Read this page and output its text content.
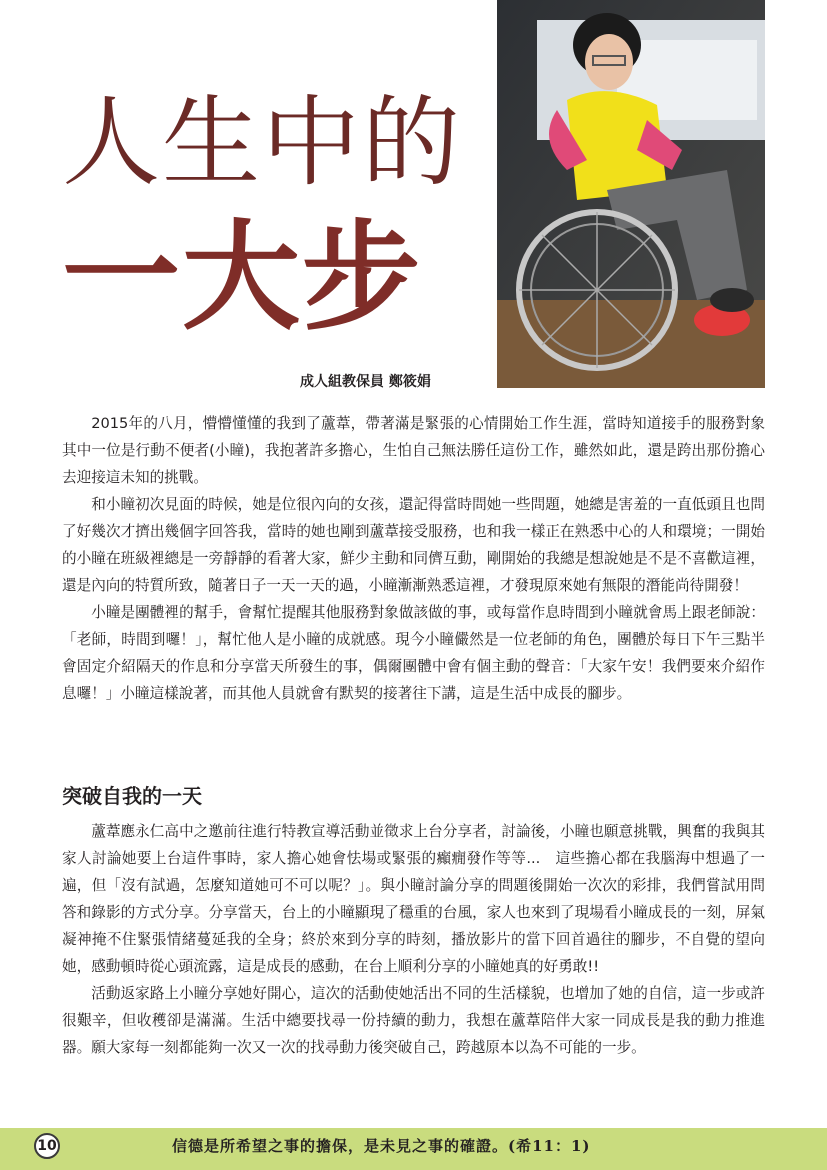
人生中的
一大步
成人組教保員 鄭筱娟

2015年的八月，懵懵懂懂的我到了蘆葦，帶著滿是緊張的心情開始工作生涯，當時知道接手的服務對象其中一位是行動不便者(小瞳)，我抱著許多擔心，生怕自己無法勝任這份工作，雖然如此，還是跨出那份擔心去迎接這未知的挑戰。

和小瞳初次見面的時候，她是位很內向的女孩，還記得當時問她一些問題，她總是害羞的一直低頭且也問了好幾次才擠出幾個字回答我，當時的她也剛到蘆葦接受服務，也和我一樣正在熟悉中心的人和環境；一開始的小瞳在班級裡總是一旁靜靜的看著大家，鮮少主動和同儕互動，剛開始的我總是想說她是不是不喜歡這裡，還是內向的特質所致，隨著日子一天一天的過，小瞳漸漸熟悉這裡，才發現原來她有無限的潛能尚待開發！

小瞳是團體裡的幫手，會幫忙提醒其他服務對象做該做的事，或每當作息時間到小瞳就會馬上跟老師說：「老師，時間到囉！」，幫忙他人是小瞳的成就感。現今小瞳儼然是一位老師的角色，團體於每日下午三點半會固定介紹隔天的作息和分享當天所發生的事，偶爾團體中會有個主動的聲音：「大家午安！我們要來介紹作息囉！」小瞳這樣說著，而其他人員就會有默契的接著往下講，這是生活中成長的腳步。

突破自我的一天

蘆葦應永仁高中之邀前往進行特教宣導活動並徵求上台分享者，討論後，小瞳也願意挑戰，興奮的我與其家人討論她要上台這件事時，家人擔心她會怯場或緊張的癲癇發作等等...　這些擔心都在我腦海中想過了一遍，但「沒有試過，怎麼知道她可不可以呢？」。與小瞳討論分享的問題後開始一次次的彩排，我們嘗試用問答和錄影的方式分享。分享當天，台上的小瞳顯現了穩重的台風，家人也來到了現場看小瞳成長的一刻，屏氣凝神掩不住緊張情緒蔓延我的全身；終於來到分享的時刻，播放影片的當下回首過往的腳步，不自覺的望向她，感動頓時從心頭流露，這是成長的感動，在台上順利分享的小瞳她真的好勇敢!!

活動返家路上小瞳分享她好開心，這次的活動使她活出不同的生活樣貌，也增加了她的自信，這一步或許很艱辛，但收穫卻是滿滿。生活中總要找尋一份持續的動力，我想在蘆葦陪伴大家一同成長是我的動力推進器。願大家每一刻都能夠一次又一次的找尋動力後突破自己，跨越原本以為不可能的一步。

10	信德是所希望之事的擔保，是未見之事的確證。(希11：1)
